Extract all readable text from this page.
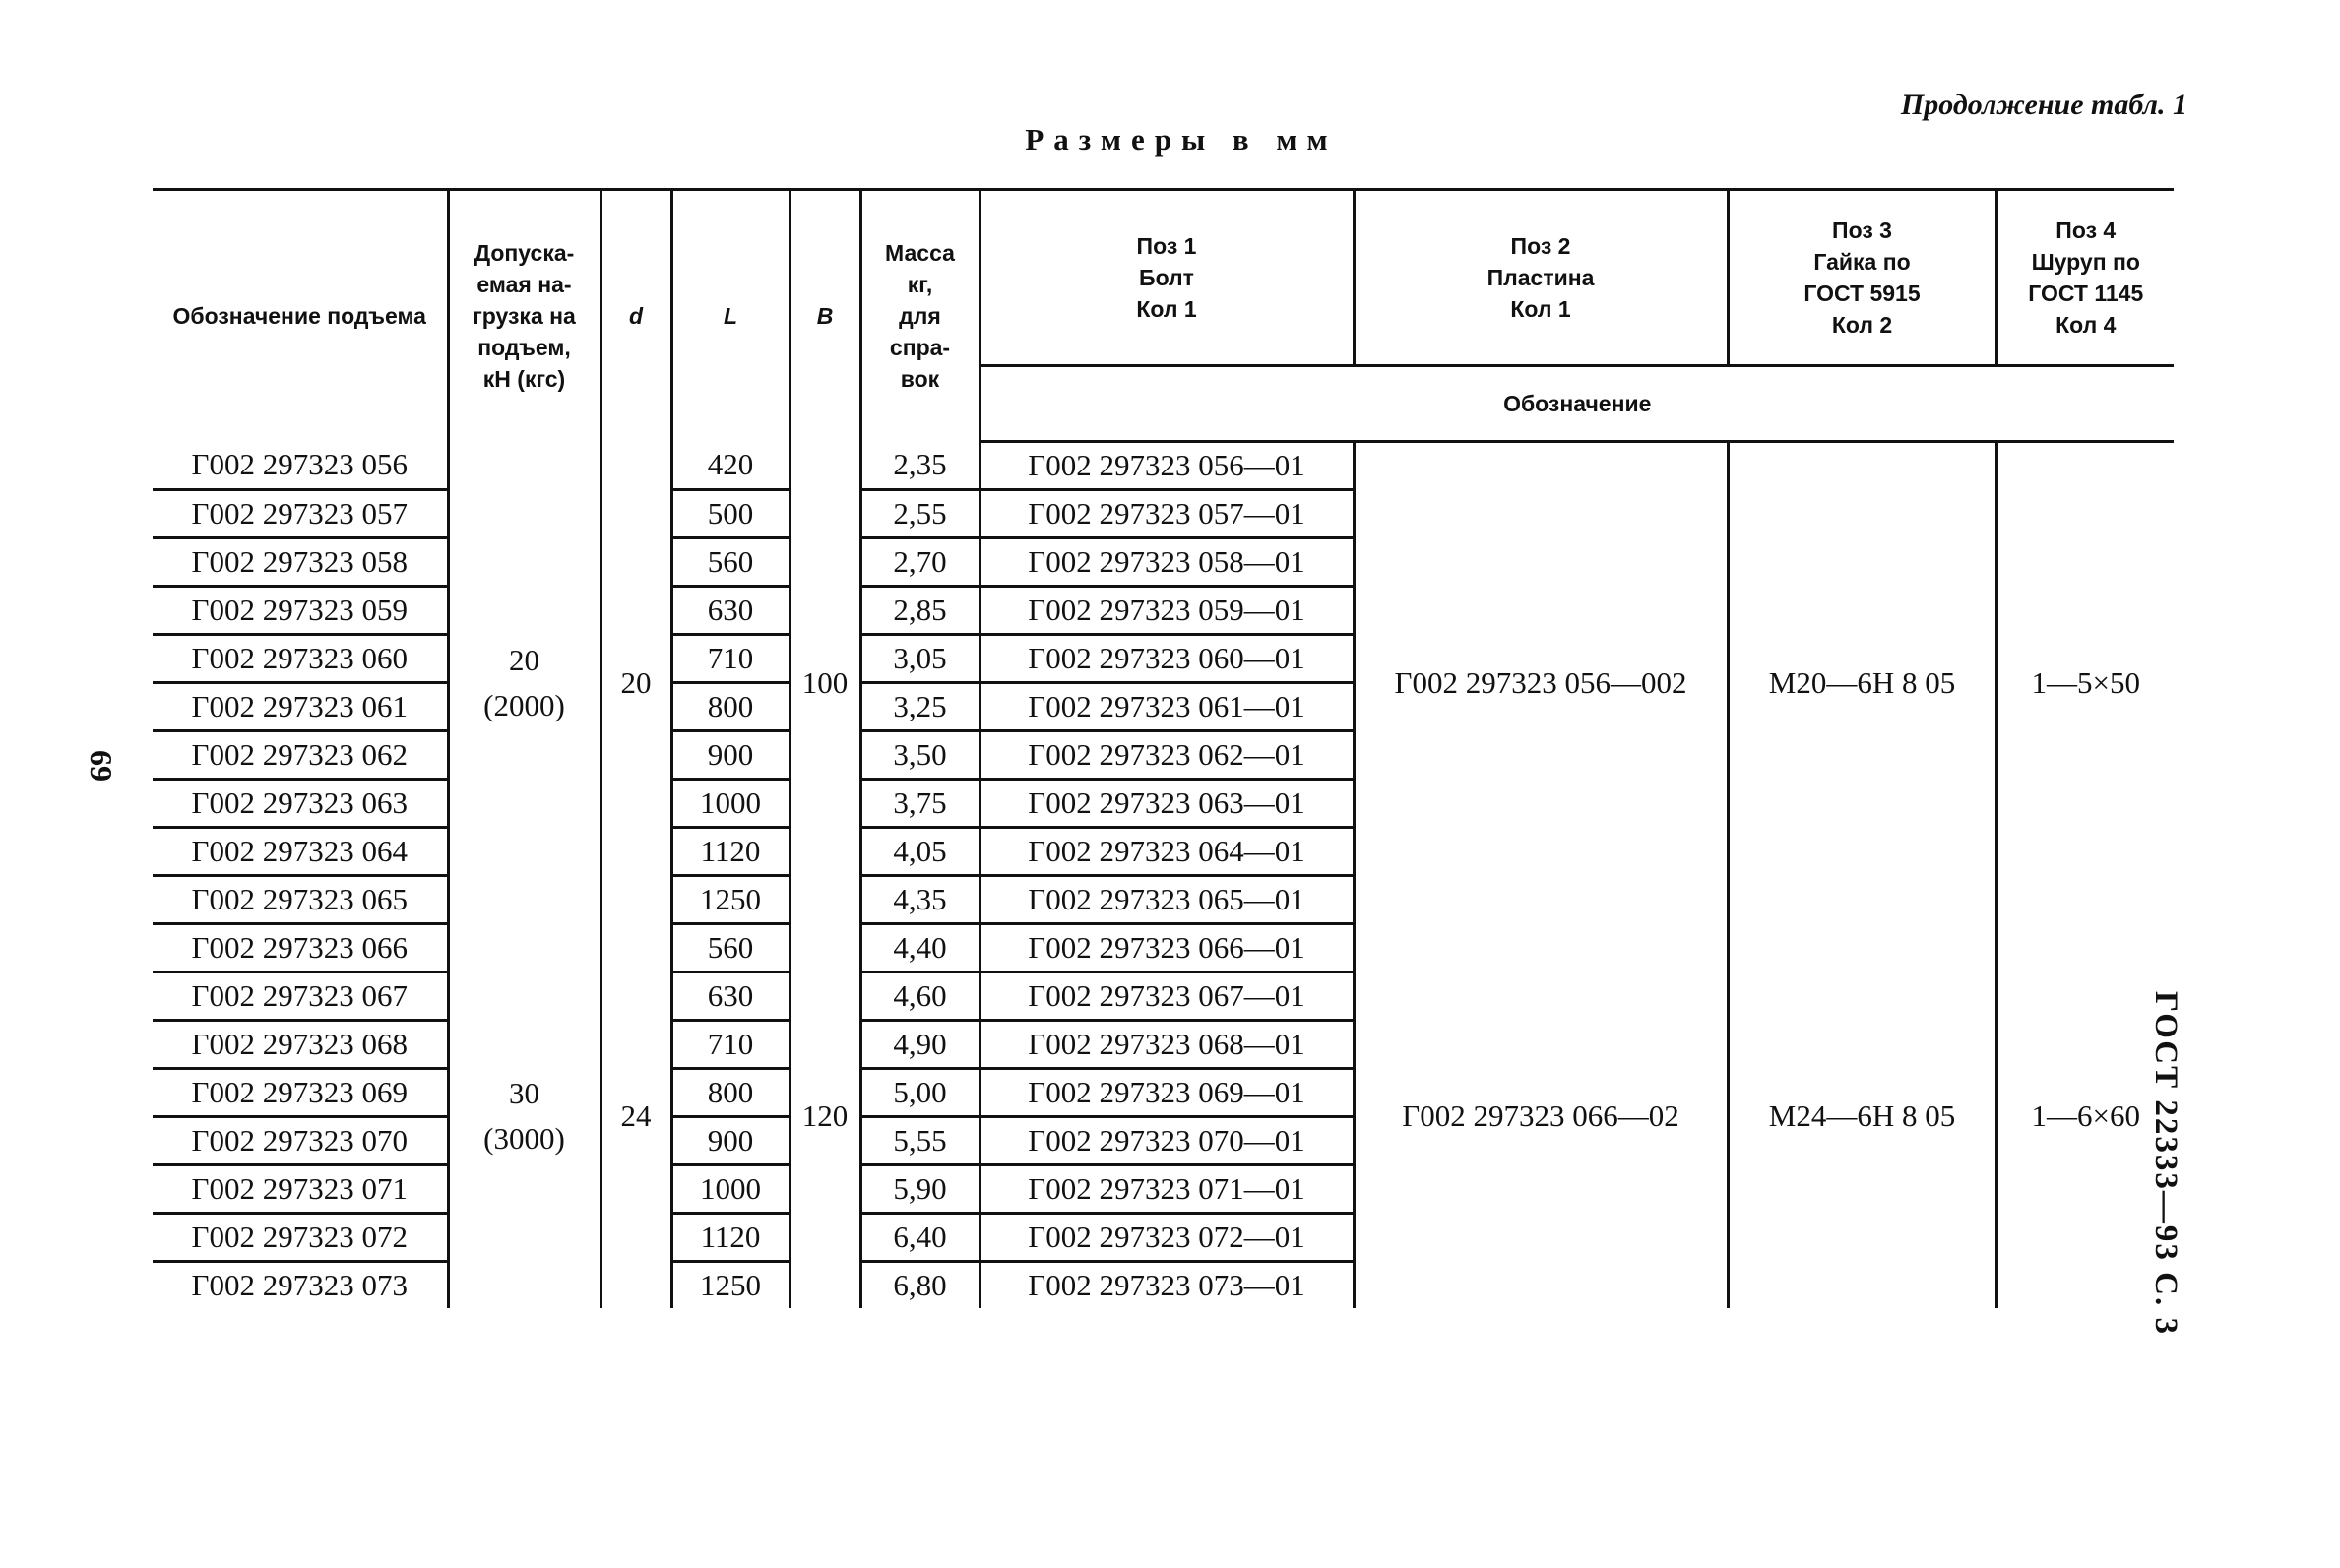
Продолжение табл. 1
Размеры в мм
69
ГОСТ 22333—93 С. 3
Обозначение подъема	Допуска-
емая на-
грузка на
подъем,
кН (кгс)	d	L	B	Масса
кг,
для
спра-
вок	Поз 1
Болт
Кол 1	Поз 2
Пластина
Кол 1	Поз 3
Гайка по
ГОСТ 5915
Кол 2	Поз 4
Шуруп по
ГОСТ 1145
Кол 4
						Обозначение			
Г002 297323 056	20
(2000)	20	420	100	2,35	Г002 297323 056—01	Г002 297323 056—002	М20—6Н 8 05	1—5×50
Г002 297323 057			500		2,55	Г002 297323 057—01			
Г002 297323 058			560		2,70	Г002 297323 058—01			
Г002 297323 059			630		2,85	Г002 297323 059—01			
Г002 297323 060			710		3,05	Г002 297323 060—01			
Г002 297323 061			800		3,25	Г002 297323 061—01			
Г002 297323 062			900		3,50	Г002 297323 062—01			
Г002 297323 063			1000		3,75	Г002 297323 063—01			
Г002 297323 064			1120		4,05	Г002 297323 064—01			
Г002 297323 065			1250		4,35	Г002 297323 065—01			
Г002 297323 066	30
(3000)	24	560	120	4,40	Г002 297323 066—01	Г002 297323 066—02	М24—6Н 8 05	1—6×60
Г002 297323 067			630		4,60	Г002 297323 067—01			
Г002 297323 068			710		4,90	Г002 297323 068—01			
Г002 297323 069			800		5,00	Г002 297323 069—01			
Г002 297323 070			900		5,55	Г002 297323 070—01			
Г002 297323 071			1000		5,90	Г002 297323 071—01			
Г002 297323 072			1120		6,40	Г002 297323 072—01			
Г002 297323 073			1250		6,80	Г002 297323 073—01			
